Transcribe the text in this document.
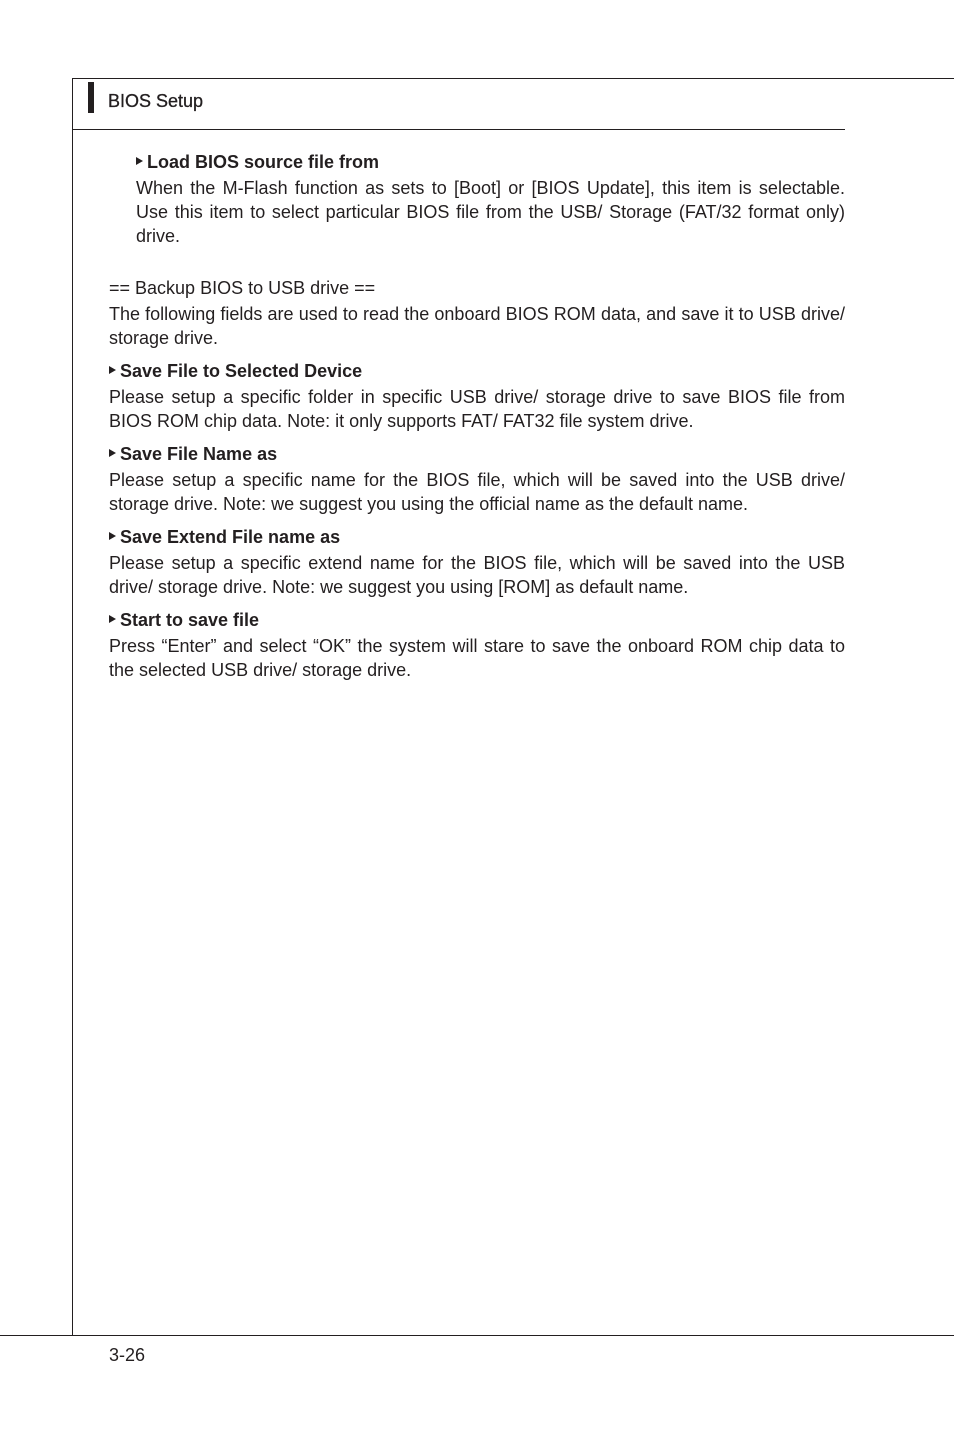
BIOS Setup

Load BIOS source file from

When the M-Flash function as sets to [Boot] or [BIOS Update], this item is selectable. Use this item to select particular BIOS file from the USB/ Storage (FAT/32 format only) drive.

== Backup BIOS to USB drive ==

The following fields are used to read the onboard BIOS ROM data, and save it to USB drive/ storage drive.

Save File to Selected Device

Please setup a specific folder in specific USB drive/ storage drive to save BIOS file from BIOS ROM chip data. Note: it only supports FAT/ FAT32 file system drive.

Save File Name as

Please setup a specific name for the BIOS file, which will be saved into the USB drive/ storage drive. Note: we suggest you using the official name as the default name.

Save Extend File name as

Please setup a specific extend name for the BIOS file, which will be saved into the USB drive/ storage drive. Note: we suggest you using [ROM] as default name.

Start to save file

Press “Enter” and select “OK” the system will stare to save the onboard ROM chip data to the selected USB drive/ storage drive.

3-26
